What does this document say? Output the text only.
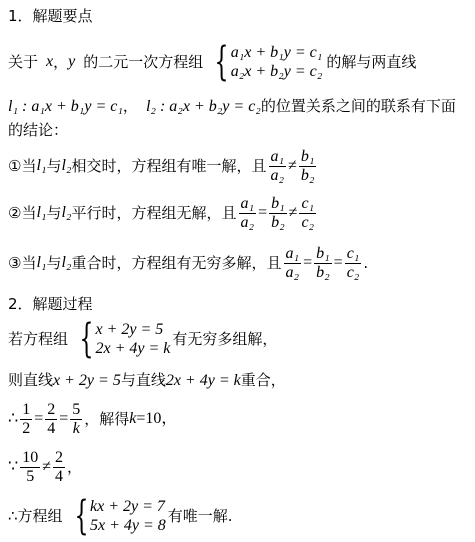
1．解题要点
关于 x ， y 的二元一次方程组 { a₁x + b₁y = c₁
a₂x + b₂y = c₂
的解与两直线
l₁ : a₁x + b₁y = c₁， l₂ : a₂x + b₂y = c₂的位置关系之间的联系有下面
的结论：
①当 l₁ 与 l₂ 相交时，方程组有唯一解，且 $\frac{\text{a₁}}{\text{a₂}} \ne \frac{\text{b₁}}{\text{b₂}}$
②当 l₁ 与 l₂ 平行时，方程组无解，且 $\frac{\text{a₁}}{\text{a₂}} = \frac{\text{b₁}}{\text{b₂}} \ne \frac{\text{c₁}}{\text{c₂}}$
③当 l₁ 与 l₂ 重合时，方程组有无穷多解，且 $\frac{\text{a₁}}{\text{a₂}} = \frac{\text{b₁}}{\text{b₂}} = \frac{\text{c₁}}{\text{c₂}}$ .
2．解题过程
若方程组 { x + 2y = 5
2x + 4y = k
有无穷多组解，
则直线x + 2y = 5与直线2x + 4y = k重合，
∴ $\frac{1}{2} = \frac{2}{4} = \frac{5}{k}$ ，解得 k =10，
∵ $\frac{10}{5} \ne \frac{2}{4}$ ，
∴方程组 { kx + 2y = 7
5x + 4y = 8
有唯一解.
